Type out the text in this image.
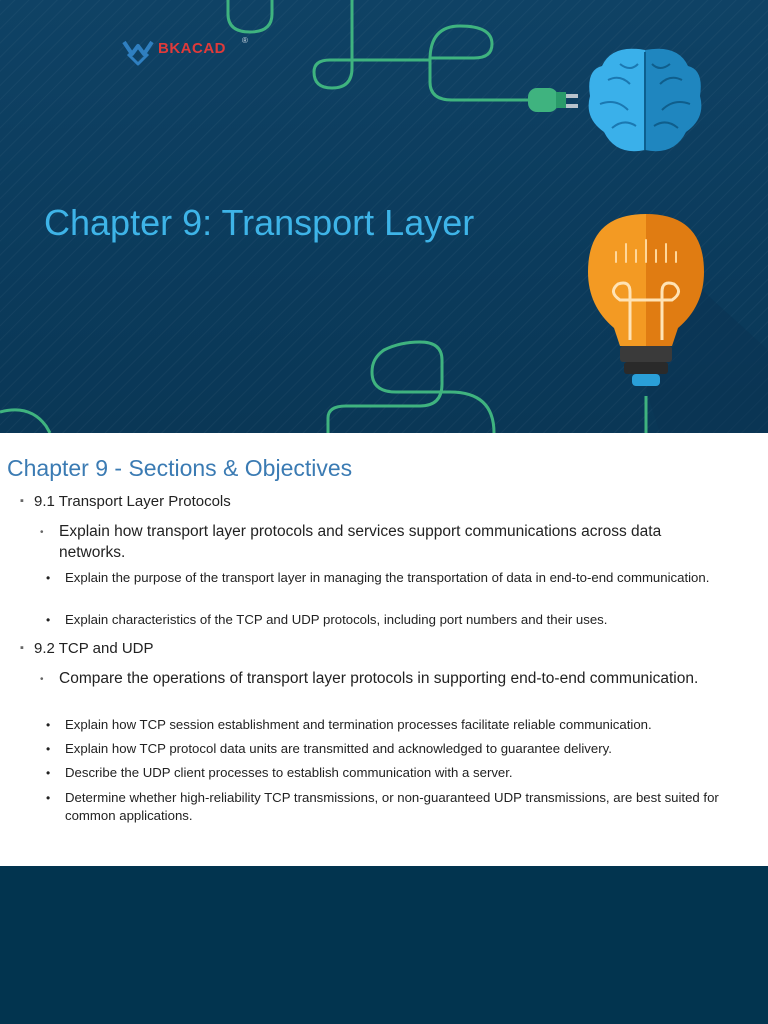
BKACAD ®
Chapter 9: Transport Layer
Chapter 9 - Sections & Objectives
▪ 9.1 Transport Layer Protocols
• Explain how transport layer protocols and services support communications across data networks.
•	Explain the purpose of the transport layer in managing the transportation of data in end-to-end communication.
•	Explain characteristics of the TCP and UDP protocols, including port numbers and their uses.
▪ 9.2 TCP and UDP
• Compare the operations of transport layer protocols in supporting end-to-end communication.
•	Explain how TCP session establishment and termination processes facilitate reliable communication.
•	Explain how TCP protocol data units are transmitted and acknowledged to guarantee delivery.
•	Describe the UDP client processes to establish communication with a server.
•	Determine whether high-reliability TCP transmissions, or non-guaranteed UDP transmissions, are best suited for common applications.
